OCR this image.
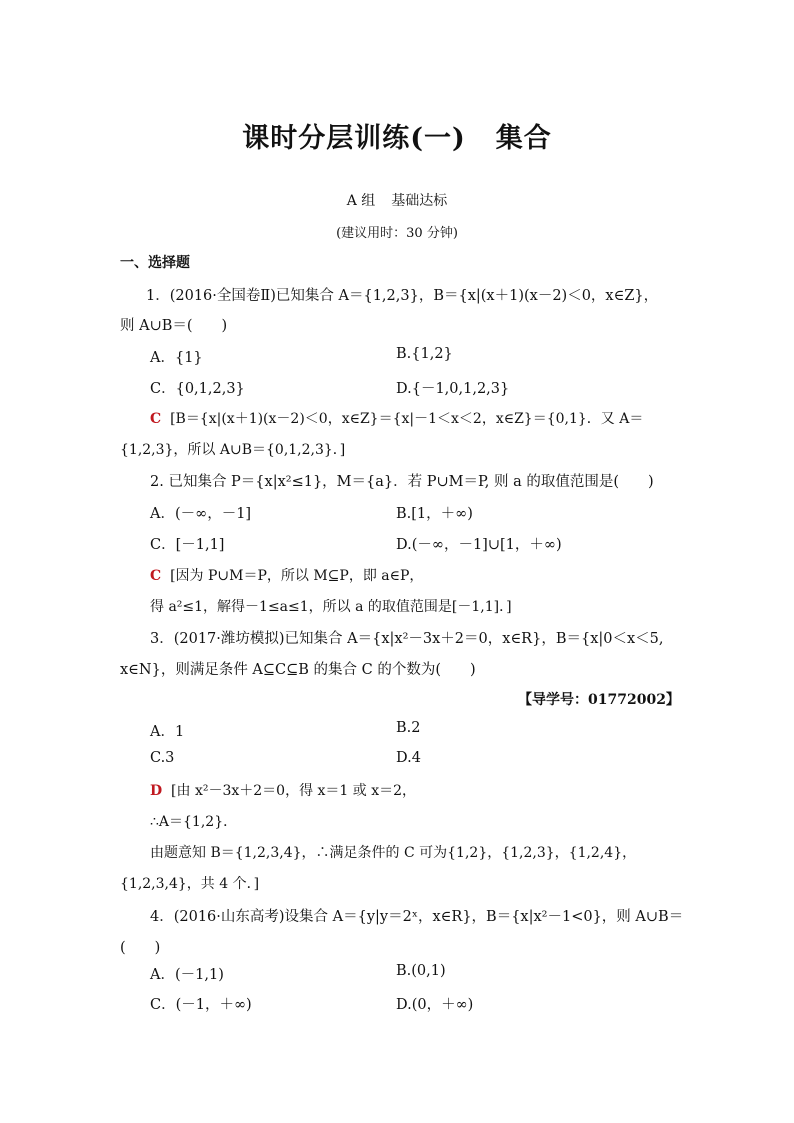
课时分层训练(一) 集合
A 组 基础达标
(建议用时：30 分钟)
一、选择题
1．(2016·全国卷Ⅱ)已知集合 A＝{1,2,3}，B＝{x|(x＋1)(x－2)＜0，x∈Z}，
则 A∪B＝(　　)
A．{1}	B.{1,2}
C．{0,1,2,3}	D.{－1,0,1,2,3}
C [B＝{x|(x＋1)(x－2)＜0，x∈Z}＝{x|－1＜x＜2，x∈Z}＝{0,1}．又 A＝
{1,2,3}，所以 A∪B＝{0,1,2,3}．]
2. 已知集合 P＝{x|x²≤1}，M＝{a}．若 P∪M＝P, 则 a 的取值范围是(　　)
A．(－∞，－1]	B.[1，＋∞)
C．[－1,1]	D.(－∞，－1]∪[1，＋∞)
C [因为 P∪M＝P，所以 M⊆P，即 a∈P，
得 a²≤1，解得－1≤a≤1，所以 a 的取值范围是[－1,1]．]
3．(2017·潍坊模拟)已知集合 A＝{x|x²－3x＋2＝0，x∈R}，B＝{x|0＜x＜5,
x∈N}，则满足条件 A⊆C⊆B 的集合 C 的个数为(　　)
【导学号：01772002】
A．1	B.2
C.3	D.4
D [由 x²－3x＋2＝0，得 x＝1 或 x＝2，
∴A＝{1,2}．
由题意知 B＝{1,2,3,4}，∴满足条件的 C 可为{1,2}，{1,2,3}，{1,2,4}，
{1,2,3,4}，共 4 个．]
4．(2016·山东高考)设集合 A＝{y|y＝2ˣ，x∈R}，B＝{x|x²－1<0}，则 A∪B＝
(　　)
A．(－1,1)	B.(0,1)
C．(－1，＋∞)	D.(0，＋∞)
